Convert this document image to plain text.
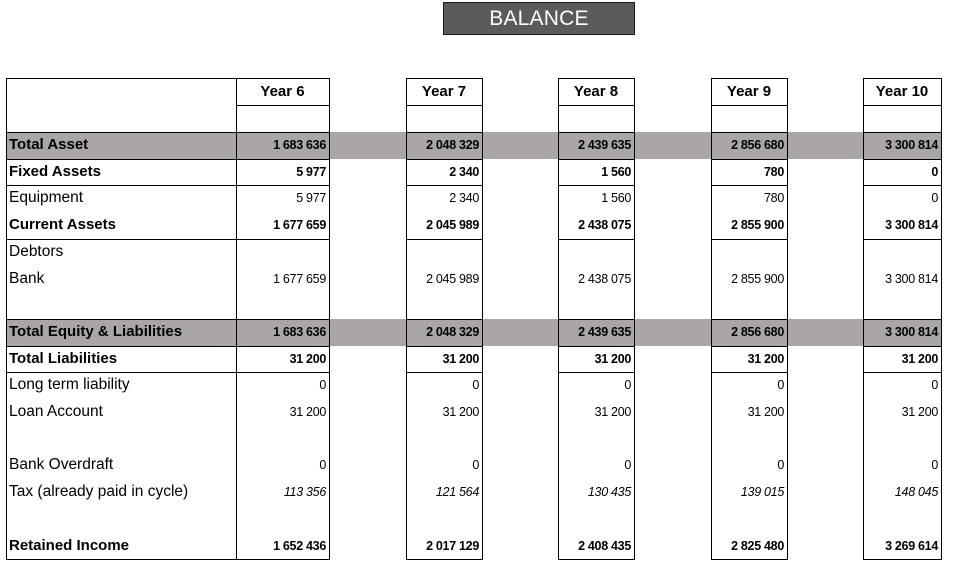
BALANCE SHEETS
Year 6	Year 7	Year 8	Year 9	Year 10
Total Asset	1 683 636	2 048 329	2 439 635	2 856 680	3 300 814
Fixed Assets	5 977	2 340	1 560	780	0
Equipment	5 977	2 340	1 560	780	0
Current Assets	1 677 659	2 045 989	2 438 075	2 855 900	3 300 814
Debtors
Bank	1 677 659	2 045 989	2 438 075	2 855 900	3 300 814
Total Equity & Liabilities	1 683 636	2 048 329	2 439 635	2 856 680	3 300 814
Total Liabilities	31 200	31 200	31 200	31 200	31 200
Long term liability	0	0	0	0	0
Loan Account	31 200	31 200	31 200	31 200	31 200
Bank Overdraft	0	0	0	0	0
Tax (already paid in cycle)	113 356	121 564	130 435	139 015	148 045
Retained Income	1 652 436	2 017 129	2 408 435	2 825 480	3 269 614
